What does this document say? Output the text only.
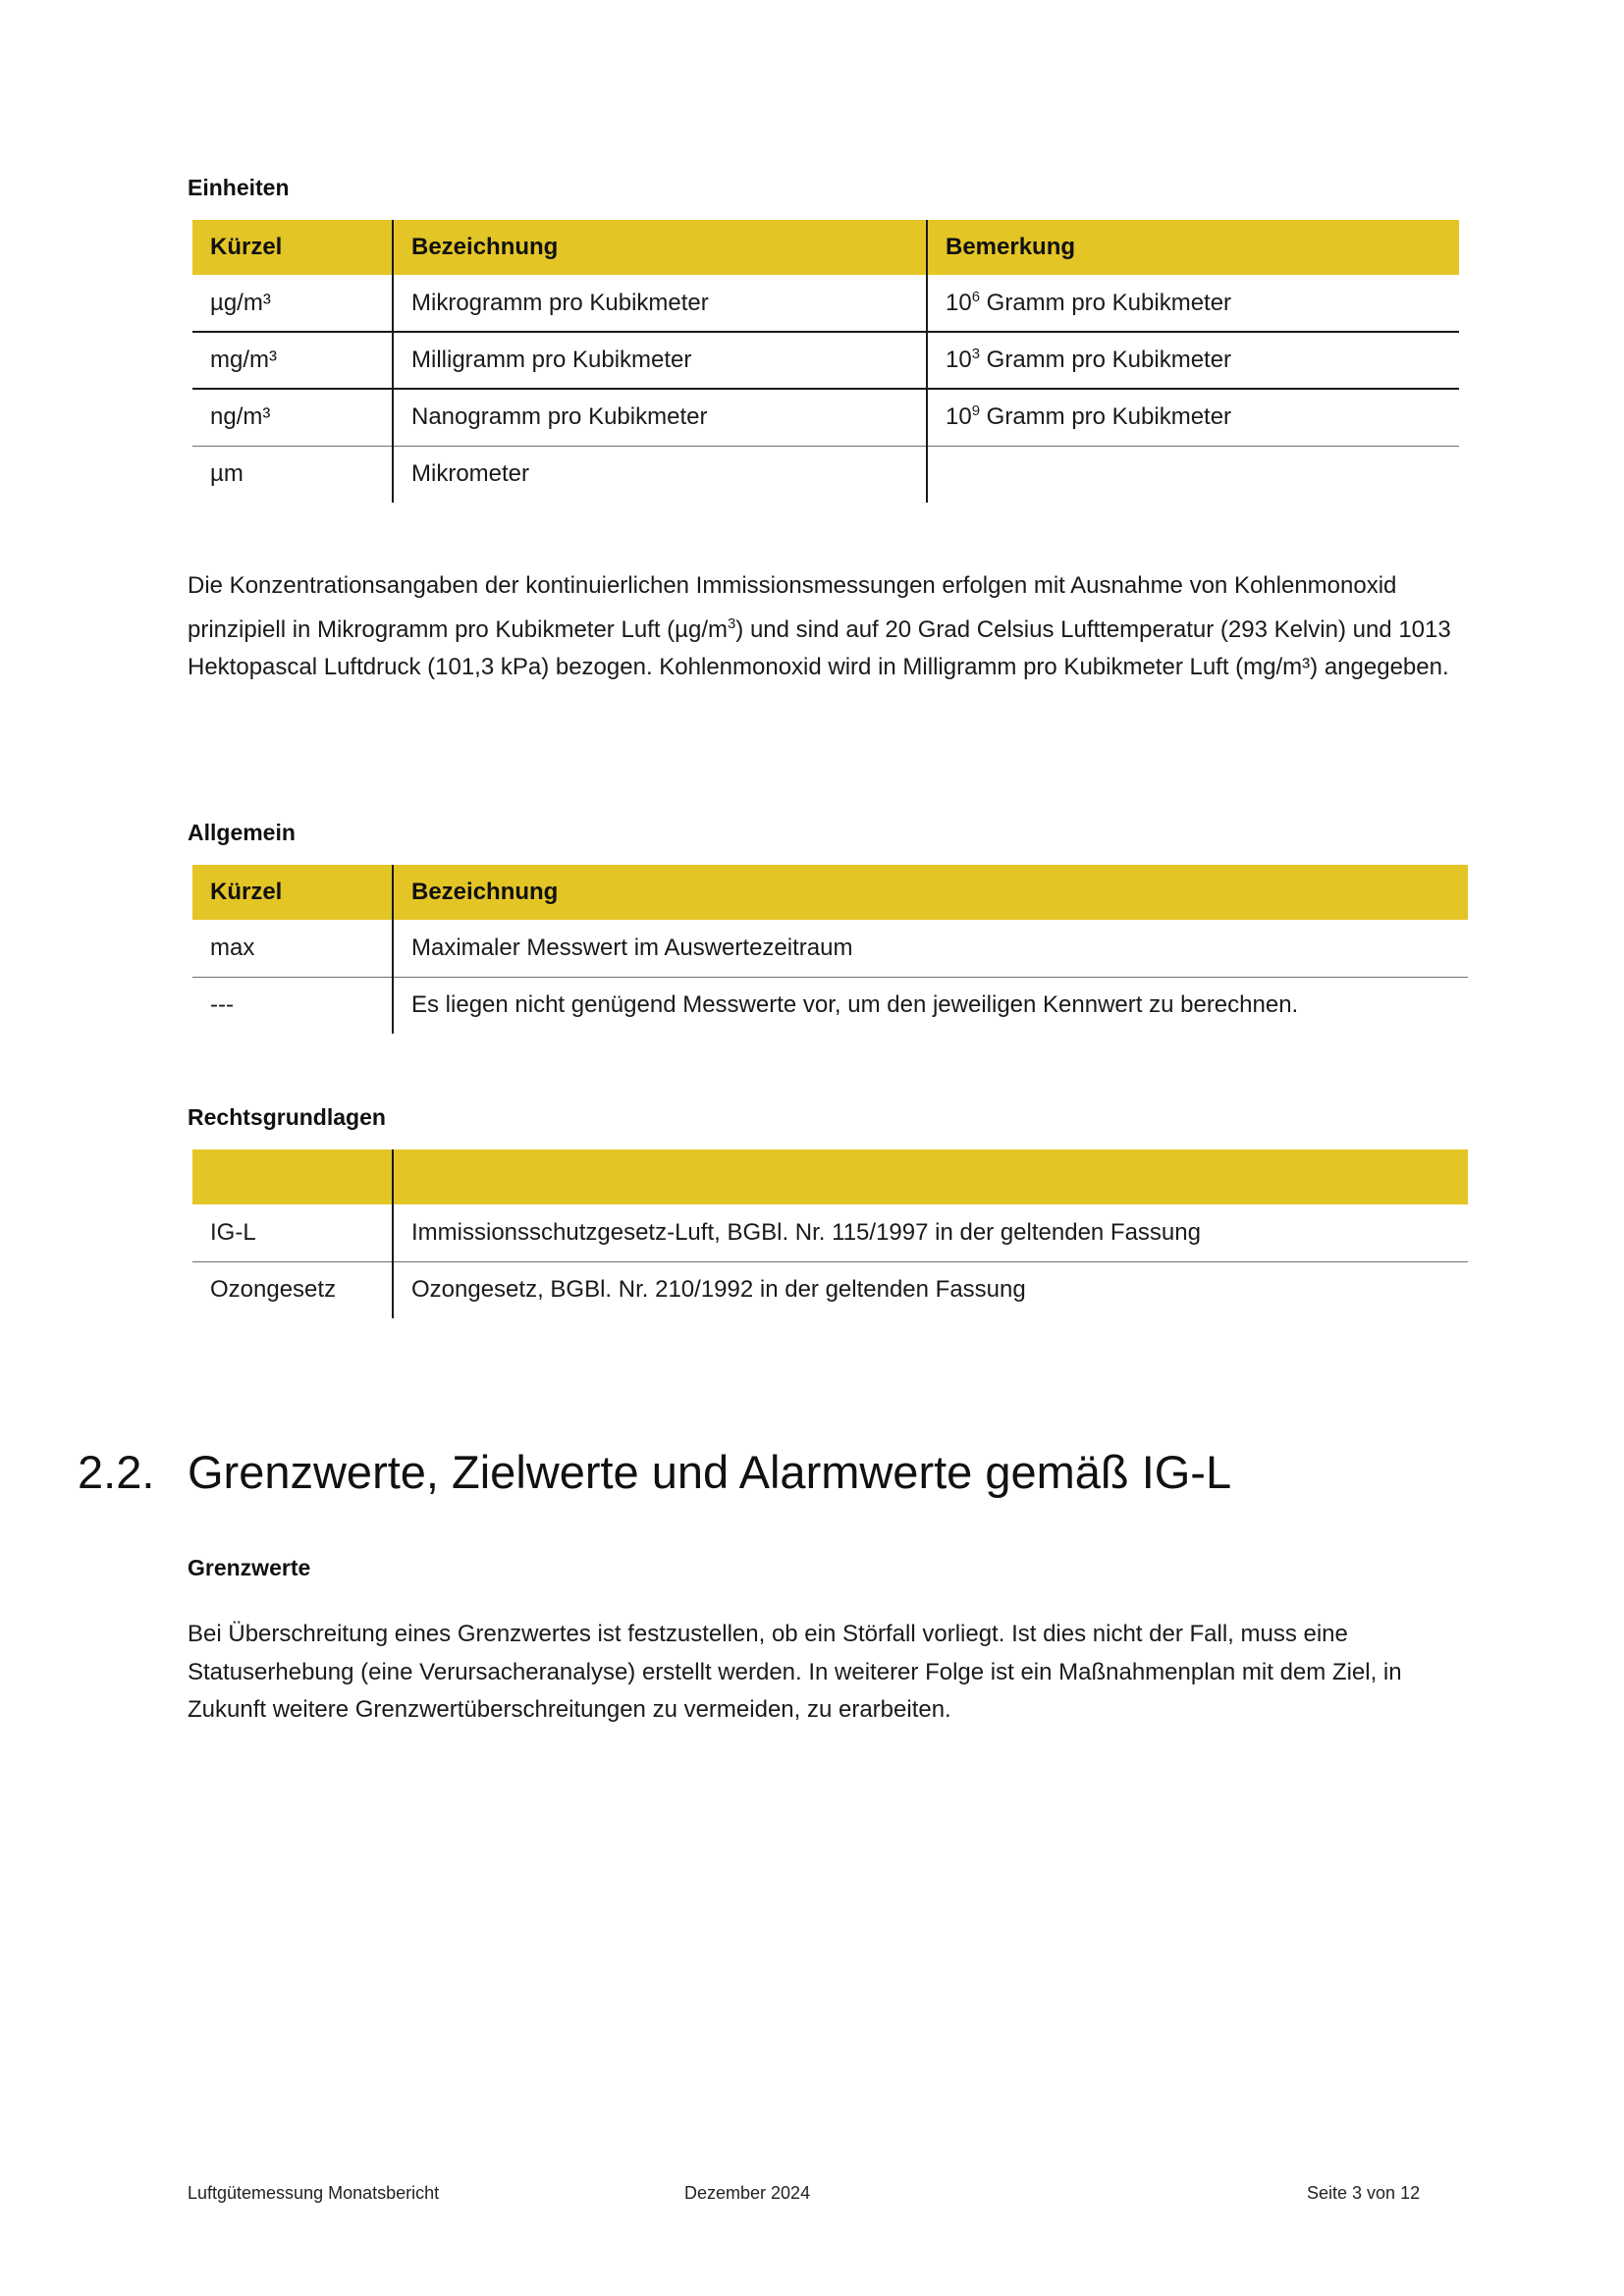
Einheiten
Kürzel	Bezeichnung	Bemerkung
µg/m³	Mikrogramm pro Kubikmeter	$10^6$ Gramm pro Kubikmeter
mg/m³	Milligramm pro Kubikmeter	$10^3$ Gramm pro Kubikmeter
ng/m³	Nanogramm pro Kubikmeter	$10^9$ Gramm pro Kubikmeter
µm	Mikrometer	

Die Konzentrationsangaben der kontinuierlichen Immissionsmessungen erfolgen mit Ausnahme von Kohlenmonoxid prinzipiell in Mikrogramm pro Kubikmeter Luft $(\mu g/m^3)$ und sind auf 20 Grad Celsius Lufttemperatur (293 Kelvin) und 1013 Hektopascal Luftdruck (101,3 kPa) bezogen. Kohlenmonoxid wird in Milligramm pro Kubikmeter Luft (mg/m³) angegeben.

Allgemein
Kürzel	Bezeichnung
max	Maximaler Messwert im Auswertezeitraum
---	Es liegen nicht genügend Messwerte vor, um den jeweiligen Kennwert zu berechnen.
Rechtsgrundlagen

IG-L	Immissionsschutzgesetz-Luft, BGBl. Nr. 115/1997 in der geltenden Fassung
Ozongesetz	Ozongesetz, BGBl. Nr. 210/1992 in der geltenden Fassung
2.2. Grenzwerte, Zielwerte und Alarmwerte gemäß IG-L
Grenzwerte

Bei Überschreitung eines Grenzwertes ist festzustellen, ob ein Störfall vorliegt. Ist dies nicht der Fall, muss eine Statuserhebung (eine Verursacheranalyse) erstellt werden. In weiterer Folge ist ein Maßnahmenplan mit dem Ziel, in Zukunft weitere Grenzwertüberschreitungen zu vermeiden, zu erarbeiten.

Luftgütemessung Monatsbericht	Dezember 2024	Seite 3 von 12
